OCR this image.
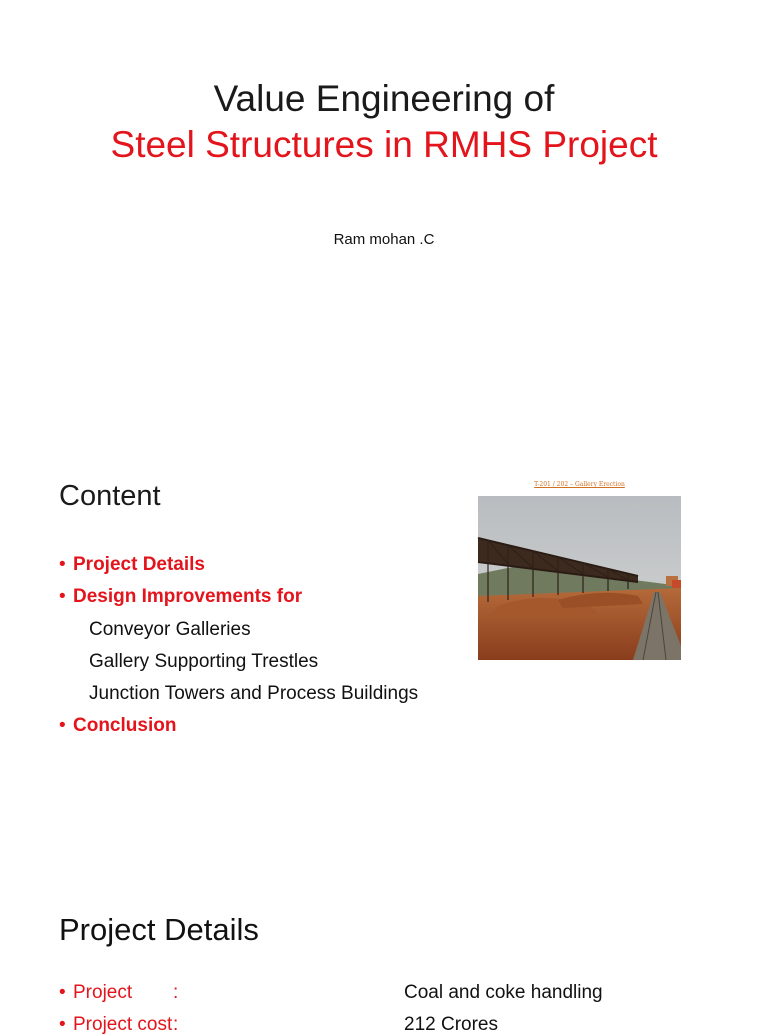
Value Engineering of
Steel Structures in RMHS Project
Ram mohan .C
Content
• Project Details
• Design Improvements for
Conveyor Galleries
Gallery Supporting Trestles
Junction Towers and Process Buildings
• Conclusion
T-201 / 202 – Gallery Erection
Project Details
• Project :	Coal and coke handling
• Project cost :	212 Crores
